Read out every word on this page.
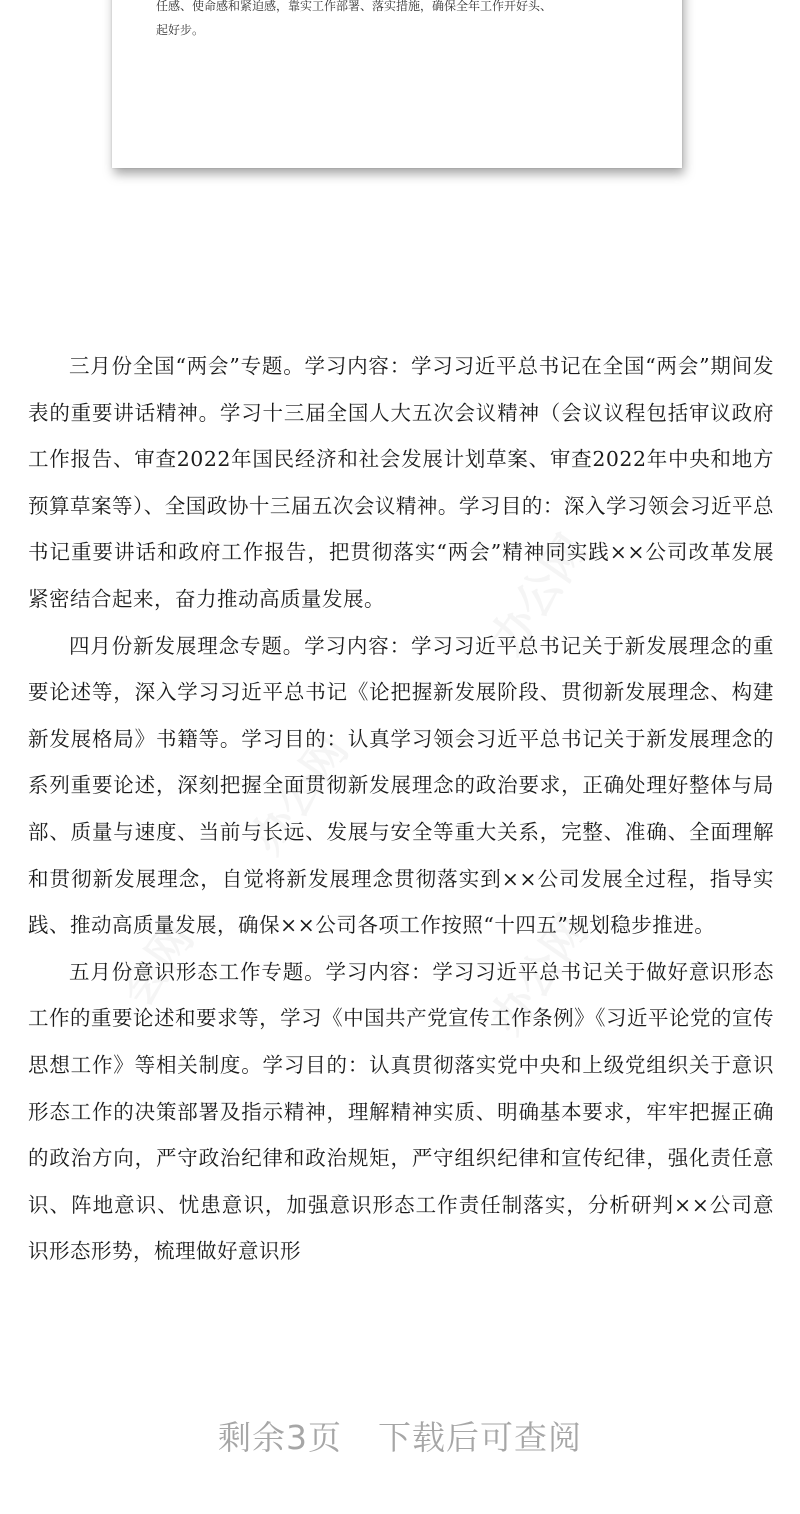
任感、使命感和紧迫感，靠实工作部署、落实措施，确保全年工作开好头、
起好步。

办公网
办公网
办公网
会网

三月份全国“两会”专题。学习内容：学习习近平总书记在全国“两会”期间发表的重要讲话精神。学习十三届全国人大五次会议精神（会议议程包括审议政府工作报告、审查2022年国民经济和社会发展计划草案、审查2022年中央和地方预算草案等）、全国政协十三届五次会议精神。学习目的：深入学习领会习近平总书记重要讲话和政府工作报告，把贯彻落实“两会”精神同实践××公司改革发展紧密结合起来，奋力推动高质量发展。

四月份新发展理念专题。学习内容：学习习近平总书记关于新发展理念的重要论述等，深入学习习近平总书记《论把握新发展阶段、贯彻新发展理念、构建新发展格局》书籍等。学习目的：认真学习领会习近平总书记关于新发展理念的系列重要论述，深刻把握全面贯彻新发展理念的政治要求，正确处理好整体与局部、质量与速度、当前与长远、发展与安全等重大关系，完整、准确、全面理解和贯彻新发展理念，自觉将新发展理念贯彻落实到××公司发展全过程，指导实践、推动高质量发展，确保××公司各项工作按照“十四五”规划稳步推进。

五月份意识形态工作专题。学习内容：学习习近平总书记关于做好意识形态工作的重要论述和要求等，学习《中国共产党宣传工作条例》《习近平论党的宣传思想工作》等相关制度。学习目的：认真贯彻落实党中央和上级党组织关于意识形态工作的决策部署及指示精神，理解精神实质、明确基本要求，牢牢把握正确的政治方向，严守政治纪律和政治规矩，严守组织纪律和宣传纪律，强化责任意识、阵地意识、忧患意识，加强意识形态工作责任制落实，分析研判××公司意识形态形势，梳理做好意识形

剩余3页 下载后可查阅
